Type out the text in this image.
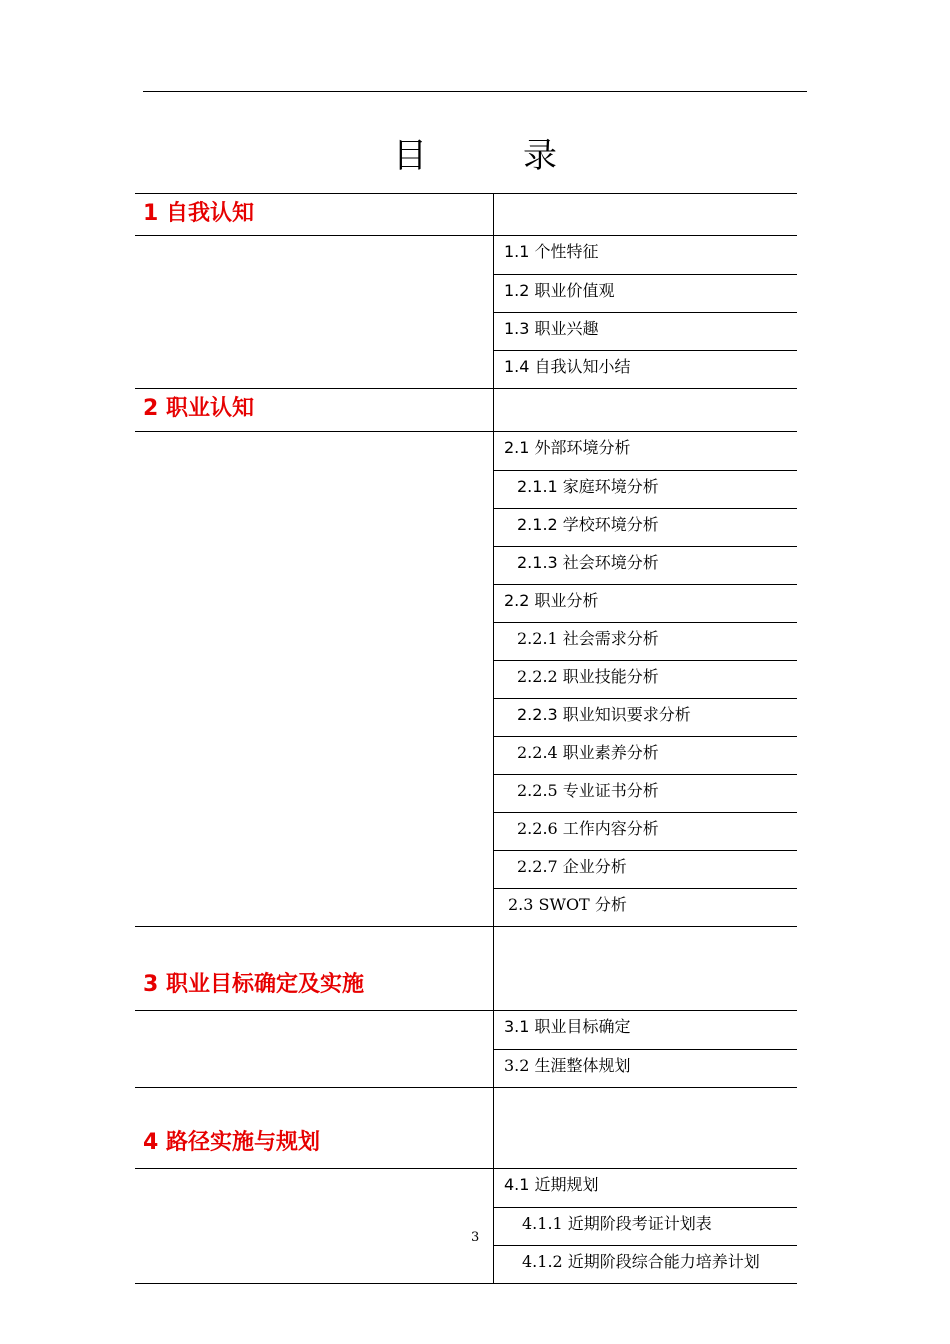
目	录
1 自我认知
1.1 个性特征
1.2 职业价值观
1.3 职业兴趣
1.4 自我认知小结
2 职业认知
2.1 外部环境分析
2.1.1 家庭环境分析
2.1.2 学校环境分析
2.1.3 社会环境分析
2.2 职业分析
2.2.1 社会需求分析
2.2.2 职业技能分析
2.2.3 职业知识要求分析
2.2.4 职业素养分析
2.2.5 专业证书分析
2.2.6 工作内容分析
2.2.7 企业分析
2.3 SWOT 分析
3 职业目标确定及实施
3.1 职业目标确定
3.2 生涯整体规划
4 路径实施与规划
4.1 近期规划
4.1.1 近期阶段考证计划表
4.1.2 近期阶段综合能力培养计划
3
